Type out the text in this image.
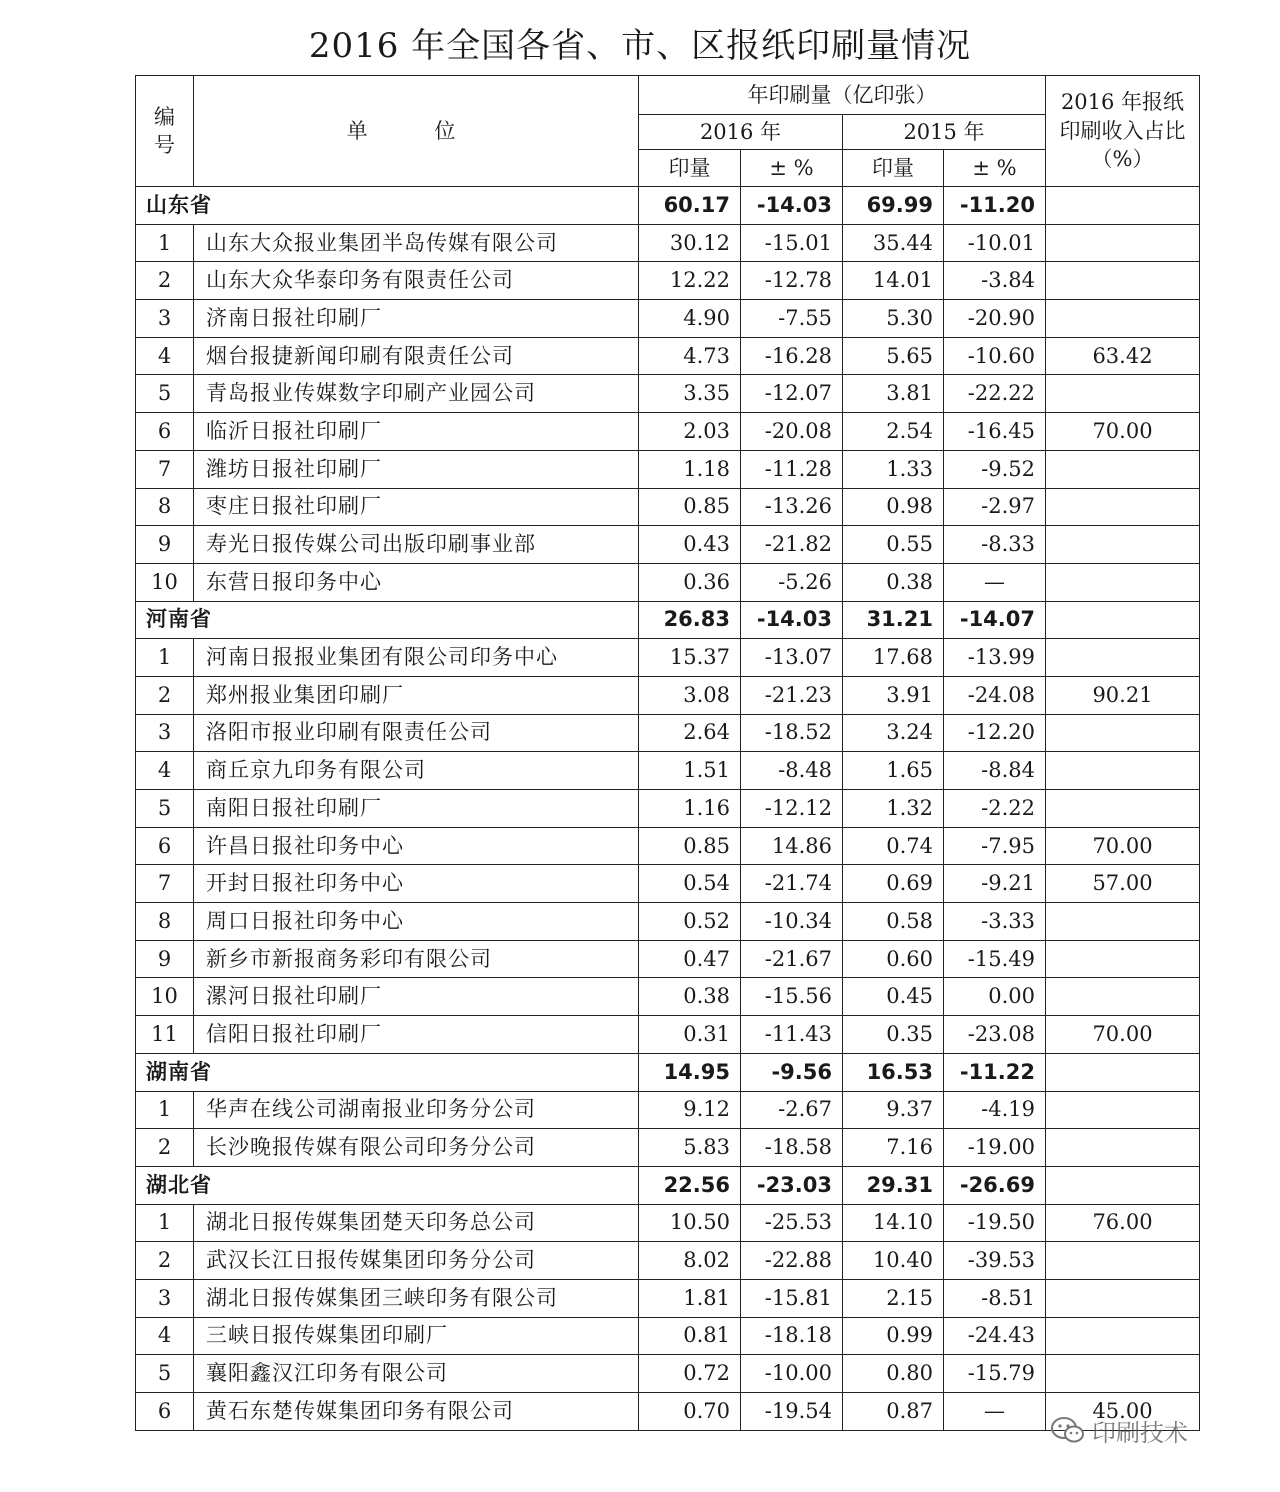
2016 年全国各省、市、区报纸印刷量情况
编号	单 位	年印刷量（亿印张）				2016 年报纸印刷收入占比（%）
		2016 年		2015 年		
		印量	± %	印量	± %	
山东省		60.17	-14.03	69.99	-11.20	
1	山东大众报业集团半岛传媒有限公司	30.12	-15.01	35.44	-10.01	
2	山东大众华泰印务有限责任公司	12.22	-12.78	14.01	-3.84	
3	济南日报社印刷厂	4.90	-7.55	5.30	-20.90	
4	烟台报捷新闻印刷有限责任公司	4.73	-16.28	5.65	-10.60	63.42
5	青岛报业传媒数字印刷产业园公司	3.35	-12.07	3.81	-22.22	
6	临沂日报社印刷厂	2.03	-20.08	2.54	-16.45	70.00
7	潍坊日报社印刷厂	1.18	-11.28	1.33	-9.52	
8	枣庄日报社印刷厂	0.85	-13.26	0.98	-2.97	
9	寿光日报传媒公司出版印刷事业部	0.43	-21.82	0.55	-8.33	
10	东营日报印务中心	0.36	-5.26	0.38	—	
河南省		26.83	-14.03	31.21	-14.07	
1	河南日报报业集团有限公司印务中心	15.37	-13.07	17.68	-13.99	
2	郑州报业集团印刷厂	3.08	-21.23	3.91	-24.08	90.21
3	洛阳市报业印刷有限责任公司	2.64	-18.52	3.24	-12.20	
4	商丘京九印务有限公司	1.51	-8.48	1.65	-8.84	
5	南阳日报社印刷厂	1.16	-12.12	1.32	-2.22	
6	许昌日报社印务中心	0.85	14.86	0.74	-7.95	70.00
7	开封日报社印务中心	0.54	-21.74	0.69	-9.21	57.00
8	周口日报社印务中心	0.52	-10.34	0.58	-3.33	
9	新乡市新报商务彩印有限公司	0.47	-21.67	0.60	-15.49	
10	漯河日报社印刷厂	0.38	-15.56	0.45	0.00	
11	信阳日报社印刷厂	0.31	-11.43	0.35	-23.08	70.00
湖南省		14.95	-9.56	16.53	-11.22	
1	华声在线公司湖南报业印务分公司	9.12	-2.67	9.37	-4.19	
2	长沙晚报传媒有限公司印务分公司	5.83	-18.58	7.16	-19.00	
湖北省		22.56	-23.03	29.31	-26.69	
1	湖北日报传媒集团楚天印务总公司	10.50	-25.53	14.10	-19.50	76.00
2	武汉长江日报传媒集团印务分公司	8.02	-22.88	10.40	-39.53	
3	湖北日报传媒集团三峡印务有限公司	1.81	-15.81	2.15	-8.51	
4	三峡日报传媒集团印刷厂	0.81	-18.18	0.99	-24.43	
5	襄阳鑫汉江印务有限公司	0.72	-10.00	0.80	-15.79	
6	黄石东楚传媒集团印务有限公司	0.70	-19.54	0.87	—	45.00
印刷技术
